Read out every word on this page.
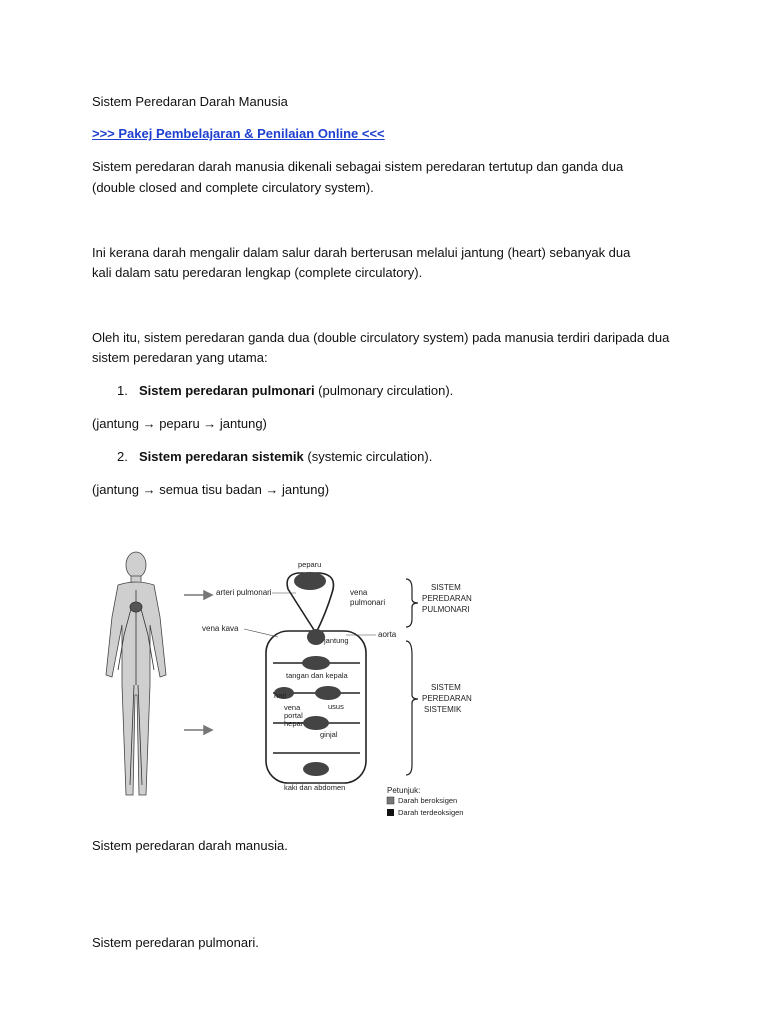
Sistem Peredaran Darah Manusia
>>> Pakej Pembelajaran & Penilaian Online <<<
Sistem peredaran darah manusia dikenali sebagai sistem peredaran tertutup dan ganda dua
(double closed and complete circulatory system).
Ini kerana darah mengalir dalam salur darah berterusan melalui jantung (heart) sebanyak dua
kali dalam satu peredaran lengkap (complete circulatory).
Oleh itu, sistem peredaran ganda dua (double circulatory system) pada manusia terdiri daripada dua
sistem peredaran yang utama:
1. Sistem peredaran pulmonari (pulmonary circulation).
(jantung → peparu → jantung)
2. Sistem peredaran sistemik (systemic circulation).
(jantung → semua tisu badan → jantung)
peparu
arteri pulmonari	vena
pulmonari
vena kava
aorta
jantung
tangan dan kepala
hati
vena
portal
hepar
usus
ginjal
kaki dan abdomen
SISTEM
PEREDARAN
PULMONARI
SISTEM
PEREDARAN
SISTEMIK
Petunjuk:
Darah beroksigen
Darah terdeoksigen
Sistem peredaran darah manusia.
Sistem peredaran pulmonari.
